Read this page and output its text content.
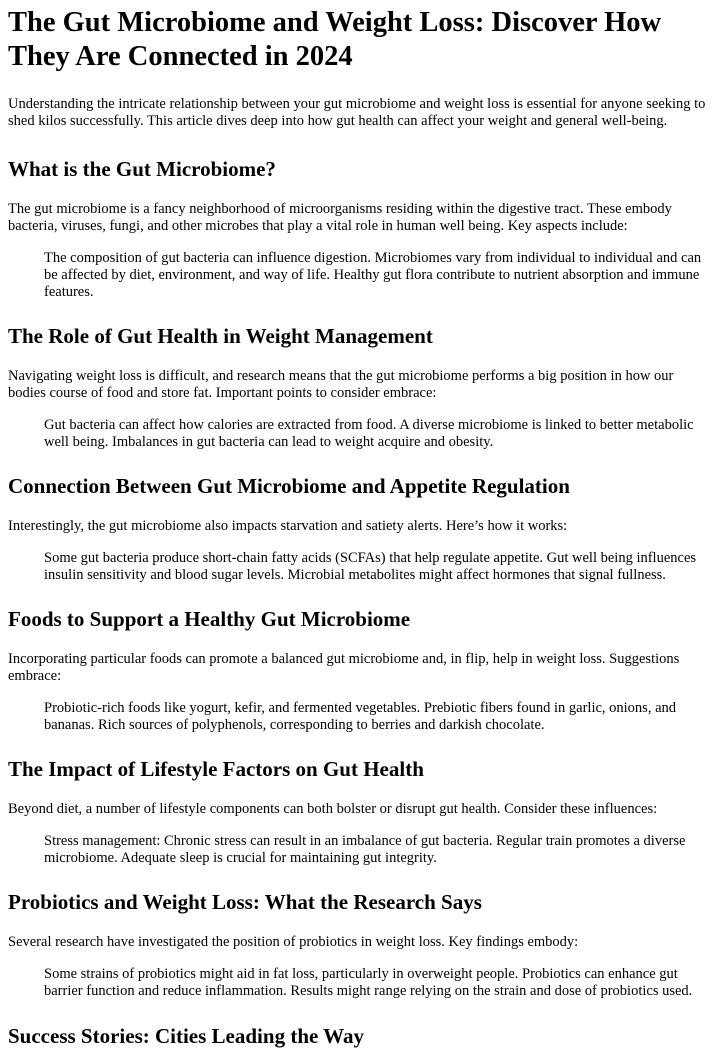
The Gut Microbiome and Weight Loss: Discover How They Are Connected in 2024

Understanding the intricate relationship between your gut microbiome and weight loss is essential for anyone seeking to shed kilos successfully. This article dives deep into how gut health can affect your weight and general well-being.

What is the Gut Microbiome?

The gut microbiome is a fancy neighborhood of microorganisms residing within the digestive tract. These embody bacteria, viruses, fungi, and other microbes that play a vital role in human well being. Key aspects include:

The composition of gut bacteria can influence digestion. Microbiomes vary from individual to individual and can be affected by diet, environment, and way of life. Healthy gut flora contribute to nutrient absorption and immune features.
The Role of Gut Health in Weight Management

Navigating weight loss is difficult, and research means that the gut microbiome performs a big position in how our bodies course of food and store fat. Important points to consider embrace:

Gut bacteria can affect how calories are extracted from food. A diverse microbiome is linked to better metabolic well being. Imbalances in gut bacteria can lead to weight acquire and obesity.
Connection Between Gut Microbiome and Appetite Regulation

Interestingly, the gut microbiome also impacts starvation and satiety alerts. Here’s how it works:

Some gut bacteria produce short-chain fatty acids (SCFAs) that help regulate appetite. Gut well being influences insulin sensitivity and blood sugar levels. Microbial metabolites might affect hormones that signal fullness.
Foods to Support a Healthy Gut Microbiome

Incorporating particular foods can promote a balanced gut microbiome and, in flip, help in weight loss. Suggestions embrace:

Probiotic-rich foods like yogurt, kefir, and fermented vegetables. Prebiotic fibers found in garlic, onions, and bananas. Rich sources of polyphenols, corresponding to berries and darkish chocolate.
The Impact of Lifestyle Factors on Gut Health

Beyond diet, a number of lifestyle components can both bolster or disrupt gut health. Consider these influences:

Stress management: Chronic stress can result in an imbalance of gut bacteria. Regular train promotes a diverse microbiome. Adequate sleep is crucial for maintaining gut integrity.
Probiotics and Weight Loss: What the Research Says

Several research have investigated the position of probiotics in weight loss. Key findings embody:

Some strains of probiotics might aid in fat loss, particularly in overweight people. Probiotics can enhance gut barrier function and reduce inflammation. Results might range relying on the strain and dose of probiotics used.
Success Stories: Cities Leading the Way
